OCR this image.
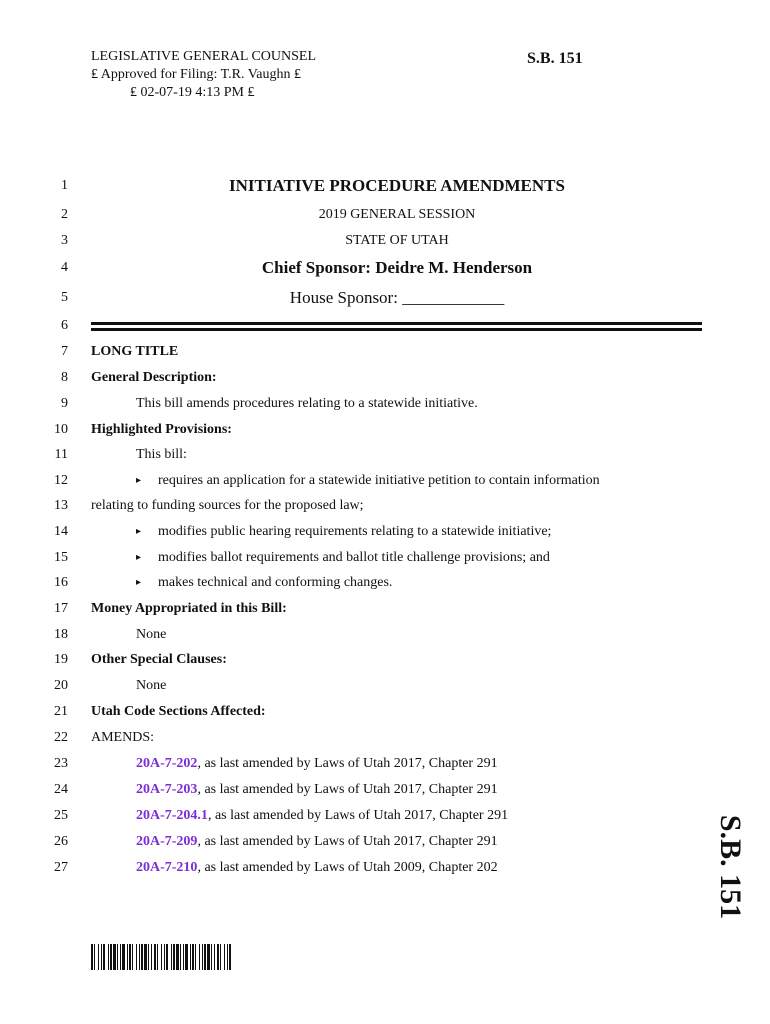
LEGISLATIVE GENERAL COUNSEL
₤ Approved for Filing: T.R. Vaughn ₤
₤ 02-07-19 4:13 PM ₤
S.B. 151
1
2
3
4
5
6
7
8
9
10
11
12
13
14
15
16
17
18
19
20
21
22
23
24
25
26
27
INITIATIVE PROCEDURE AMENDMENTS
2019 GENERAL SESSION
STATE OF UTAH
Chief Sponsor: Deidre M. Henderson
House Sponsor: ____________
LONG TITLE
General Description:
This bill amends procedures relating to a statewide initiative.
Highlighted Provisions:
This bill:
▸ requires an application for a statewide initiative petition to contain information
relating to funding sources for the proposed law;
▸ modifies public hearing requirements relating to a statewide initiative;
▸ modifies ballot requirements and ballot title challenge provisions; and
▸ makes technical and conforming changes.
Money Appropriated in this Bill:
None
Other Special Clauses:
None
Utah Code Sections Affected:
AMENDS:
20A-7-202, as last amended by Laws of Utah 2017, Chapter 291
20A-7-203, as last amended by Laws of Utah 2017, Chapter 291
20A-7-204.1, as last amended by Laws of Utah 2017, Chapter 291
20A-7-209, as last amended by Laws of Utah 2017, Chapter 291
20A-7-210, as last amended by Laws of Utah 2009, Chapter 202	S.B. 151
